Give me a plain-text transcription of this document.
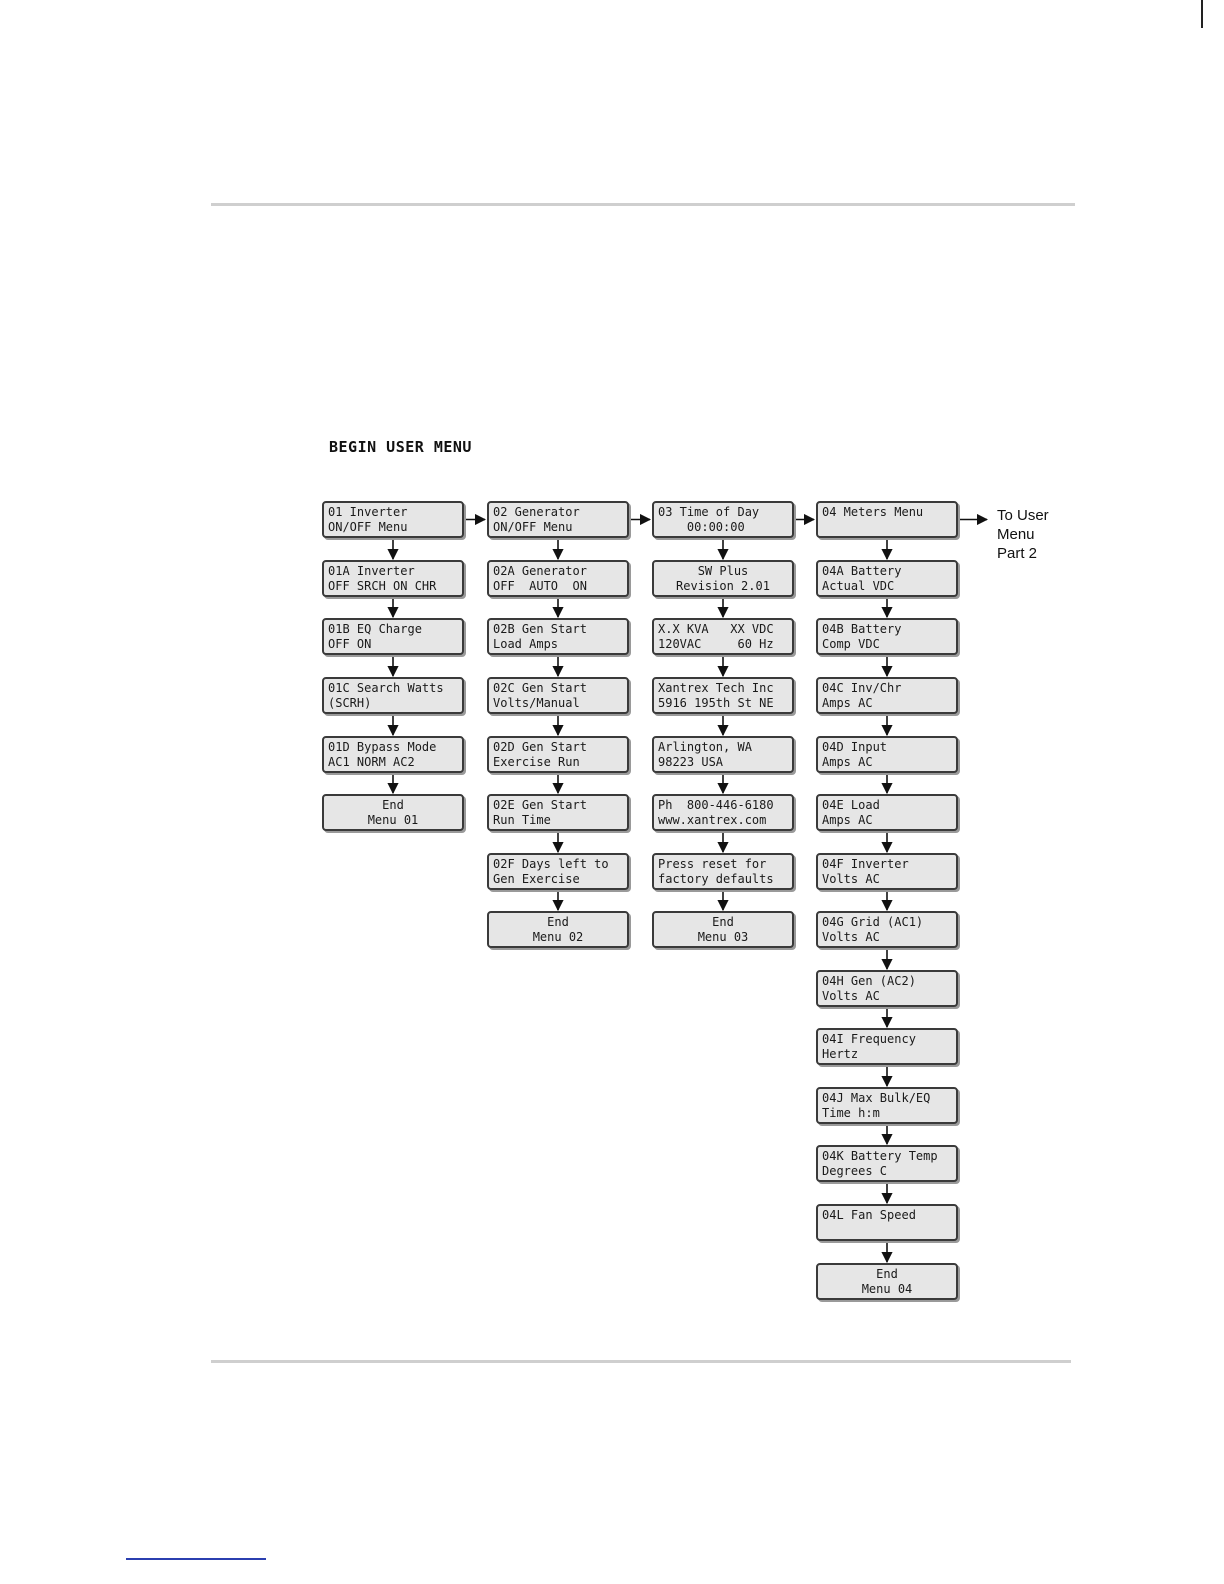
BEGIN USER MENU
01 Inverter
ON/OFF Menu
01A Inverter
OFF SRCH ON CHR
01B EQ Charge
OFF ON
01C Search Watts
(SCRH)
01D Bypass Mode
AC1 NORM AC2
End
Menu 01
02 Generator
ON/OFF Menu
02A Generator
OFF  AUTO  ON
02B Gen Start
Load Amps
02C Gen Start
Volts/Manual
02D Gen Start
Exercise Run
02E Gen Start
Run Time
02F Days left to
Gen Exercise
End
Menu 02
03 Time of Day
00:00:00
SW Plus
Revision 2.01
X.X KVA   XX VDC
120VAC     60 Hz
Xantrex Tech Inc
5916 195th St NE
Arlington, WA
98223 USA
Ph  800-446-6180
www.xantrex.com
Press reset for
factory defaults
End
Menu 03
04 Meters Menu
04A Battery
Actual VDC
04B Battery
Comp VDC
04C Inv/Chr
Amps AC
04D Input
Amps AC
04E Load
Amps AC
04F Inverter
Volts AC
04G Grid (AC1)
Volts AC
04H Gen (AC2)
Volts AC
04I Frequency
Hertz
04J Max Bulk/EQ
Time h:m
04K Battery Temp
Degrees C
04L Fan Speed
End
Menu 04
To User
Menu
Part 2
